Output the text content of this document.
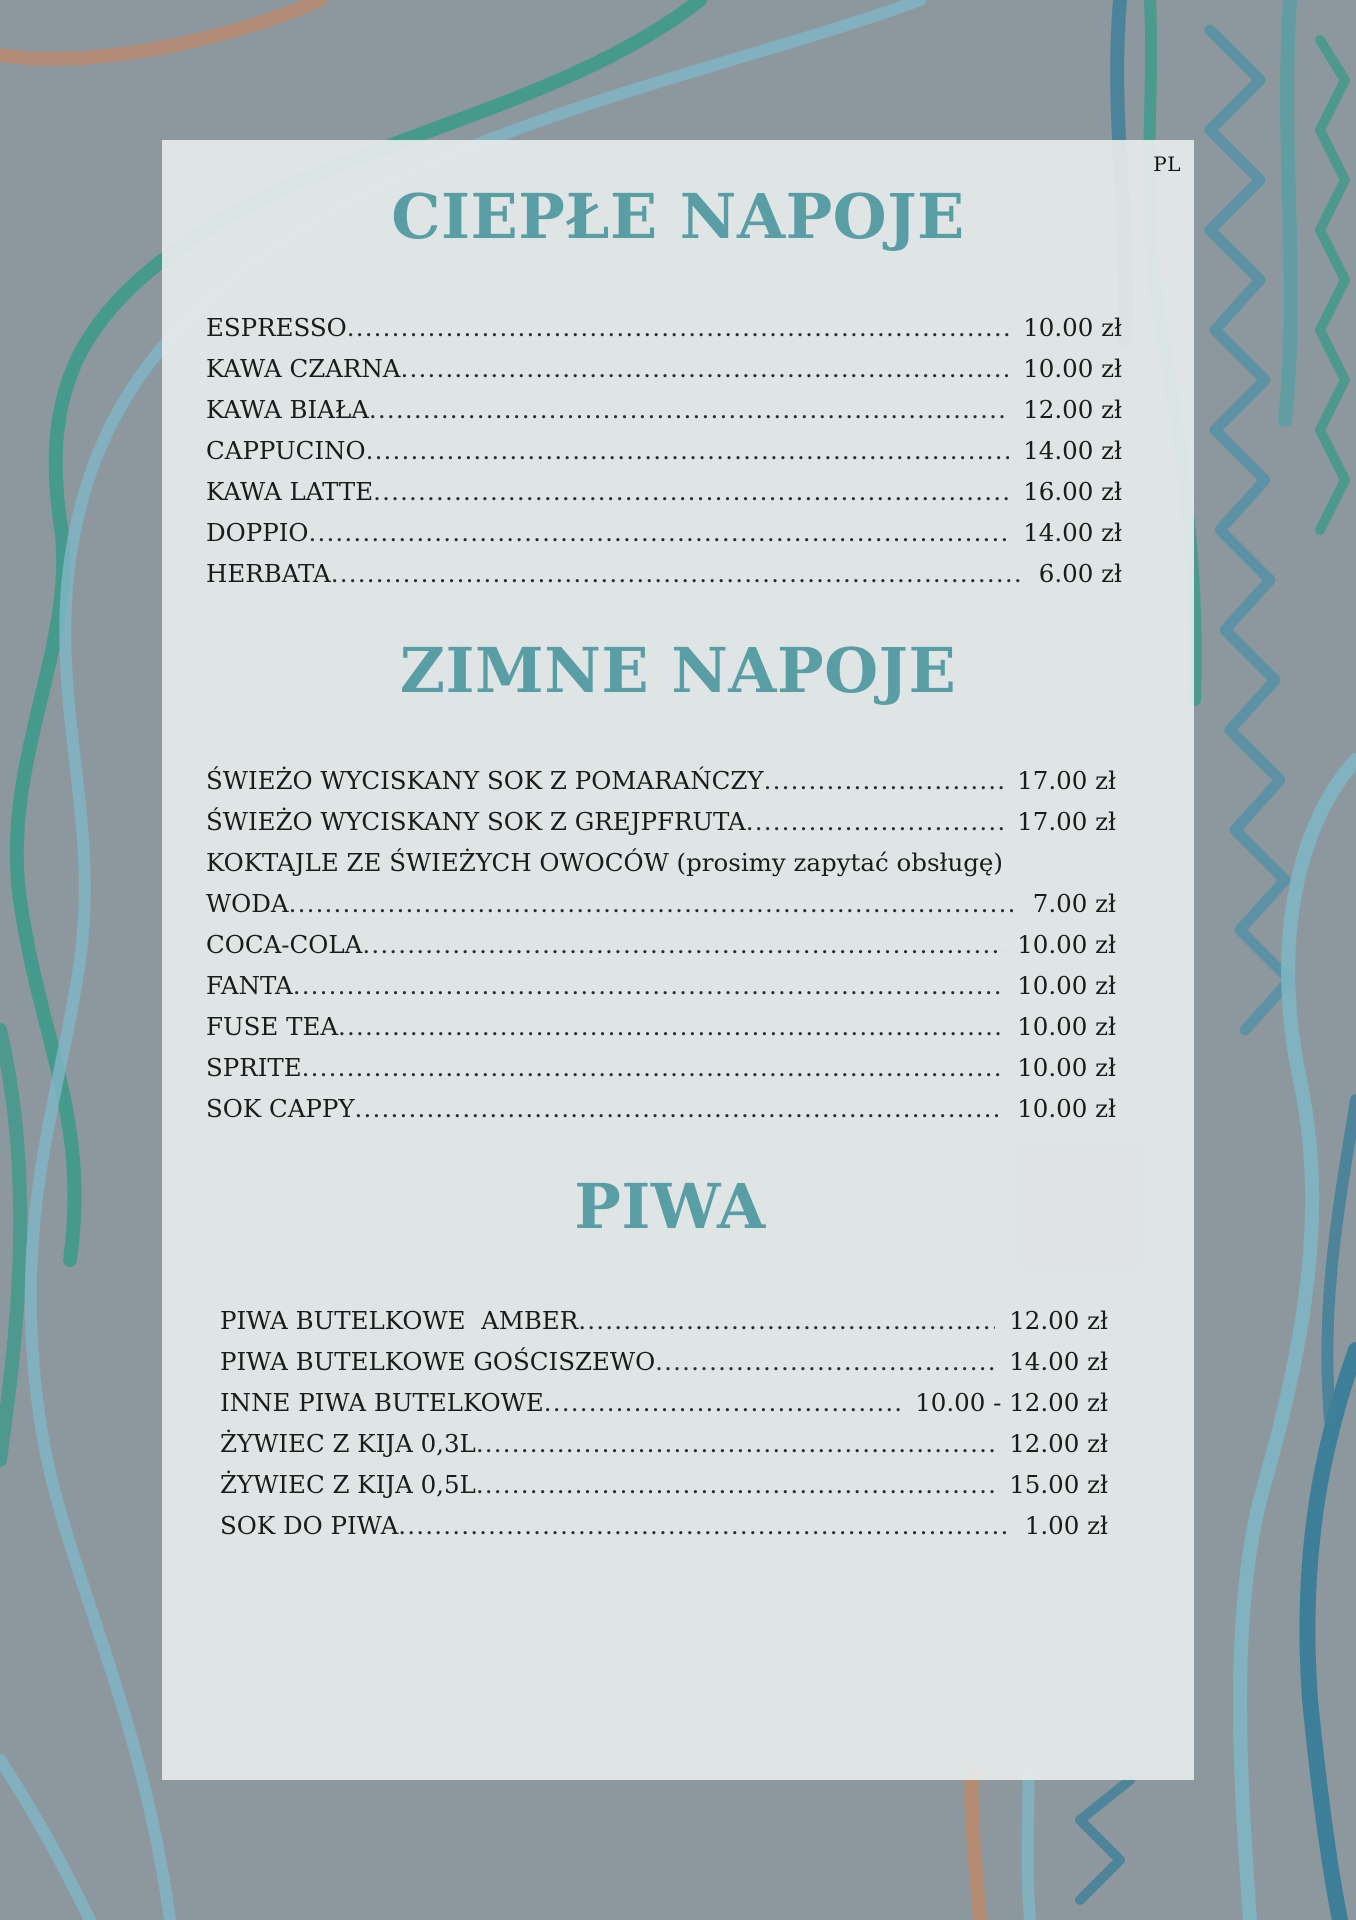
PL
CIEPŁE NAPOJE
ESPRESSO .....	10.00 zł
KAWA CZARNA .....	10.00 zł
KAWA BIAŁA .....	12.00 zł
CAPPUCINO .....	14.00 zł
KAWA LATTE .....	16.00 zł
DOPPIO .....	14.00 zł
HERBATA .....	6.00 zł
ZIMNE NAPOJE
ŚWIEŻO WYCISKANY SOK Z POMARAŃCZY .....	17.00 zł
ŚWIEŻO WYCISKANY SOK Z GREJPFRUTA .....	17.00 zł
KOKTAJLE ZE ŚWIEŻYCH OWOCÓW
(prosimy zapytać obsługę)
WODA .....	7.00 zł
COCA-COLA .....	10.00 zł
FANTA .....	10.00 zł
FUSE TEA .....	10.00 zł
SPRITE .....	10.00 zł
SOK CAPPY .....	10.00 zł
PIWA
PIWA BUTELKOWE  AMBER .....	12.00 zł
PIWA BUTELKOWE GOŚCISZEWO .....	14.00 zł
INNE PIWA BUTELKOWE .....	10.00 - 12.00 zł
ŻYWIEC Z KIJA 0,3L .....	12.00 zł
ŻYWIEC Z KIJA 0,5L .....	15.00 zł
SOK DO PIWA .....	1.00 zł
